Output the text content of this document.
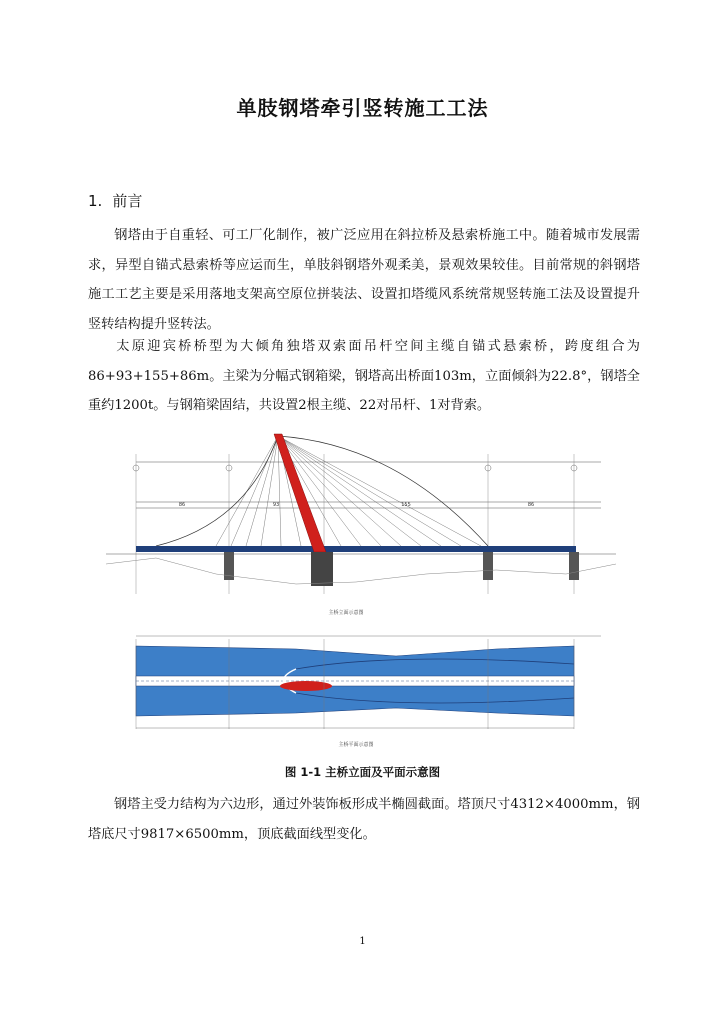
单肢钢塔牵引竖转施工工法
1. 前言

钢塔由于自重轻、可工厂化制作，被广泛应用在斜拉桥及悬索桥施工中。随着城市发展需求，异型自锚式悬索桥等应运而生，单肢斜钢塔外观柔美，景观效果较佳。目前常规的斜钢塔施工工艺主要是采用落地支架高空原位拼装法、设置扣塔缆风系统常规竖转施工法及设置提升竖转结构提升竖转法。

太原迎宾桥桥型为大倾角独塔双索面吊杆空间主缆自锚式悬索桥，跨度组合为86+93+155+86m。主梁为分幅式钢箱梁，钢塔高出桥面103m，立面倾斜为22.8°，钢塔全重约1200t。与钢箱梁固结，共设置2根主缆、22对吊杆、1对背索。

86	93	155	86
主桥立面示意图
主桥平面示意图
图 1-1 主桥立面及平面示意图

钢塔主受力结构为六边形，通过外装饰板形成半椭圆截面。塔顶尺寸4312×4000mm，钢塔底尺寸9817×6500mm，顶底截面线型变化。

1
